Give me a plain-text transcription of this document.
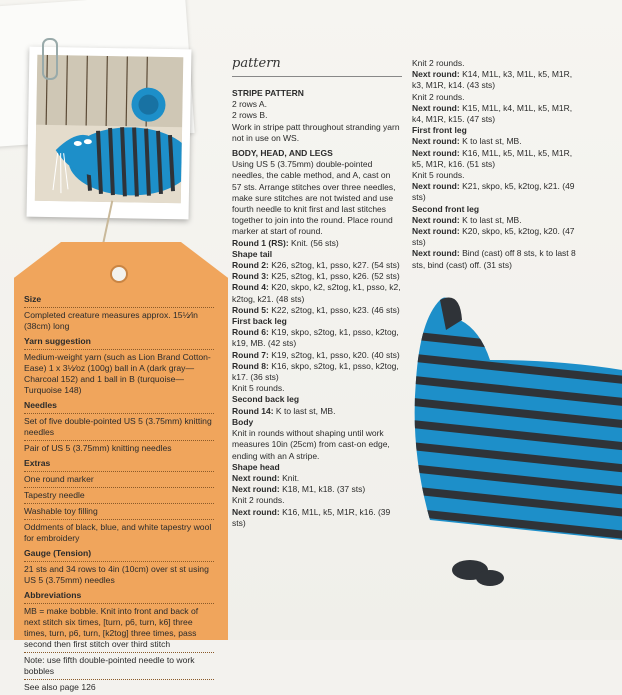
Size

Completed creature measures approx. 15½⁄in (38cm) long

Yarn suggestion

Medium-weight yarn (such as Lion Brand Cotton-Ease) 1 x 3½⁄oz (100g) ball in A (dark gray—Charcoal 152) and 1 ball in B (turquoise—Turquoise 148)

Needles

Set of five double-pointed US 5 (3.75mm) knitting needles

Pair of US 5 (3.75mm) knitting needles

Extras

One round marker

Tapestry needle

Washable toy filling

Oddments of black, blue, and white tapestry wool for embroidery

Gauge (Tension)

21 sts and 34 rows to 4in (10cm) over st st using US 5 (3.75mm) needles

Abbreviations

MB = make bobble. Knit into front and back of next stitch six times, [turn, p6, turn, k6] three times, turn, p6, turn, [k2tog] three times, pass second then first stitch over third stitch

Note: use fifth double-pointed needle to work bobbles

See also page 126

pattern

STRIPE PATTERN

2 rows A.

2 rows B.

Work in stripe patt throughout stranding yarn not in use on WS.

BODY, HEAD, AND LEGS

Using US 5 (3.75mm) double-pointed needles, the cable method, and A, cast on 57 sts. Arrange stitches over three needles, make sure stitches are not twisted and use fourth needle to knit first and last stitches together to join into the round. Place round marker at start of round.

Round 1 (RS): Knit. (56 sts)

Shape tail

Round 2: K26, s2tog, k1, psso, k27. (54 sts)

Round 3: K25, s2tog, k1, psso, k26. (52 sts)

Round 4: K20, skpo, k2, s2tog, k1, psso, k2, k2tog, k21. (48 sts)

Round 5: K22, s2tog, k1, psso, k23. (46 sts)

First back leg

Round 6: K19, skpo, s2tog, k1, psso, k2tog, k19, MB. (42 sts)

Round 7: K19, s2tog, k1, psso, k20. (40 sts)

Round 8: K16, skpo, s2tog, k1, psso, k2tog, k17. (36 sts)

Knit 5 rounds.

Second back leg

Round 14: K to last st, MB.

Body

Knit in rounds without shaping until work measures 10in (25cm) from cast-on edge, ending with an A stripe.

Shape head

Next round: Knit.

Next round: K18, M1, k18. (37 sts)

Knit 2 rounds.

Next round: K16, M1L, k5, M1R, k16. (39 sts)

Knit 2 rounds.

Next round: K14, M1L, k3, M1L, k5, M1R, k3, M1R, k14. (43 sts)

Knit 2 rounds.

Next round: K15, M1L, k4, M1L, k5, M1R, k4, M1R, k15. (47 sts)

First front leg

Next round: K to last st, MB.

Next round: K16, M1L, k5, M1L, k5, M1R, k5, M1R, k16. (51 sts)

Knit 5 rounds.

Next round: K21, skpo, k5, k2tog, k21. (49 sts)

Second front leg

Next round: K to last st, MB.

Next round: K20, skpo, k5, k2tog, k20. (47 sts)

Next round: Bind (cast) off 8 sts, k to last 8 sts, bind (cast) off. (31 sts)
